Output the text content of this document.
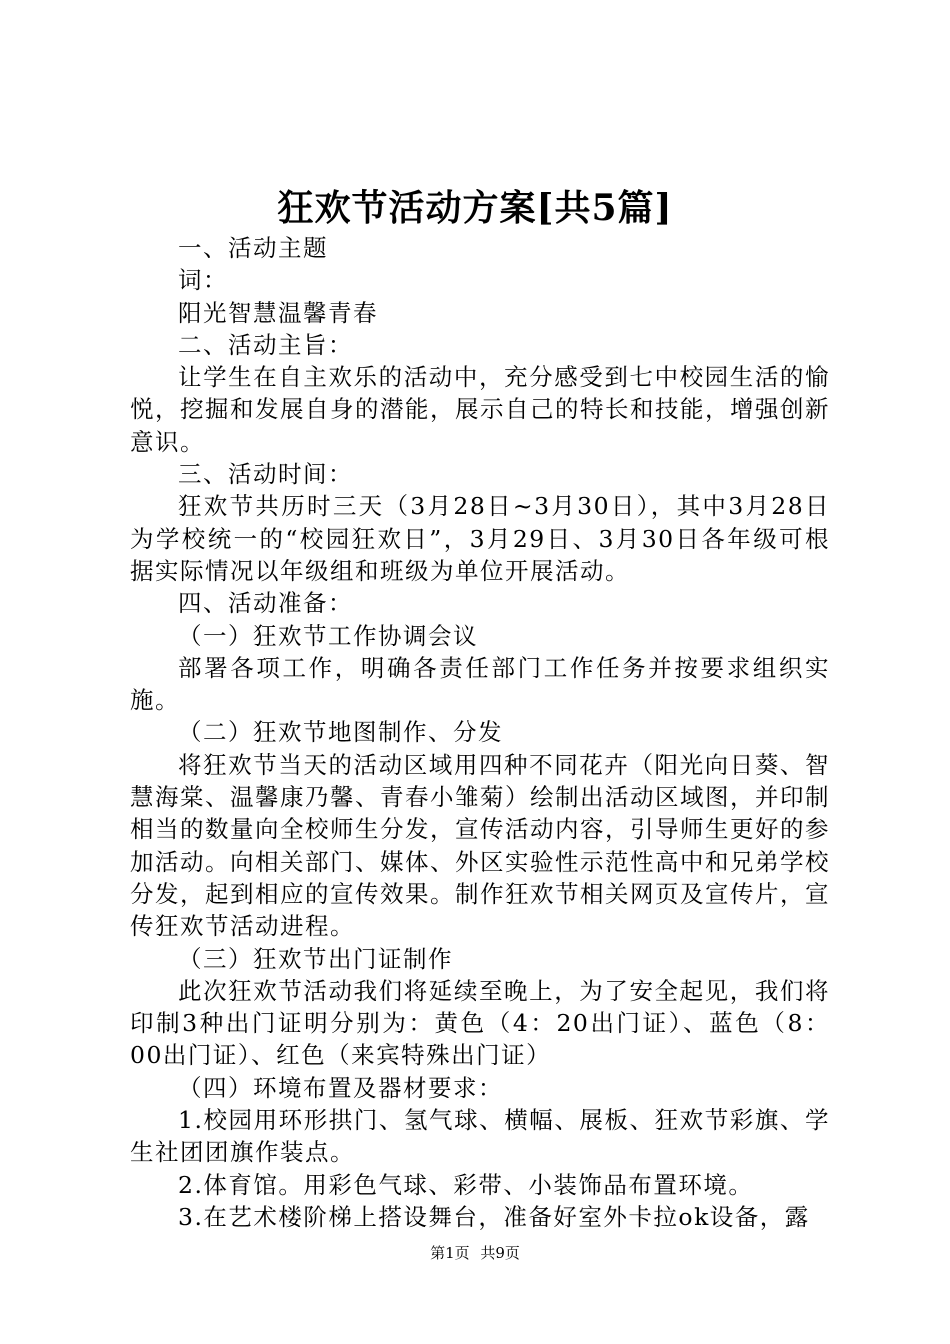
狂欢节活动方案[共5篇]

一、活动主题

词：

阳光智慧温馨青春

二、活动主旨：

让学生在自主欢乐的活动中，充分感受到七中校园生活的愉悦，挖掘和发展自身的潜能，展示自己的特长和技能，增强创新意识。

三、活动时间：

狂欢节共历时三天（3月28日~3月30日），其中3月28日为学校统一的“校园狂欢日”，3月29日、3月30日各年级可根据实际情况以年级组和班级为单位开展活动。

四、活动准备：

（一）狂欢节工作协调会议

部署各项工作，明确各责任部门工作任务并按要求组织实施。

（二）狂欢节地图制作、分发

将狂欢节当天的活动区域用四种不同花卉（阳光向日葵、智慧海棠、温馨康乃馨、青春小雏菊）绘制出活动区域图，并印制相当的数量向全校师生分发，宣传活动内容，引导师生更好的参加活动。向相关部门、媒体、外区实验性示范性高中和兄弟学校分发，起到相应的宣传效果。制作狂欢节相关网页及宣传片，宣传狂欢节活动进程。

（三）狂欢节出门证制作

此次狂欢节活动我们将延续至晚上，为了安全起见，我们将印制3种出门证明分别为：黄色（4：20出门证）、蓝色（8：00出门证）、红色（来宾特殊出门证）

（四）环境布置及器材要求：

1.校园用环形拱门、氢气球、横幅、展板、狂欢节彩旗、学生社团团旗作装点。

2.体育馆。用彩色气球、彩带、小装饰品布置环境。

3.在艺术楼阶梯上搭设舞台，准备好室外卡拉ok设备，露

第1页 共9页
